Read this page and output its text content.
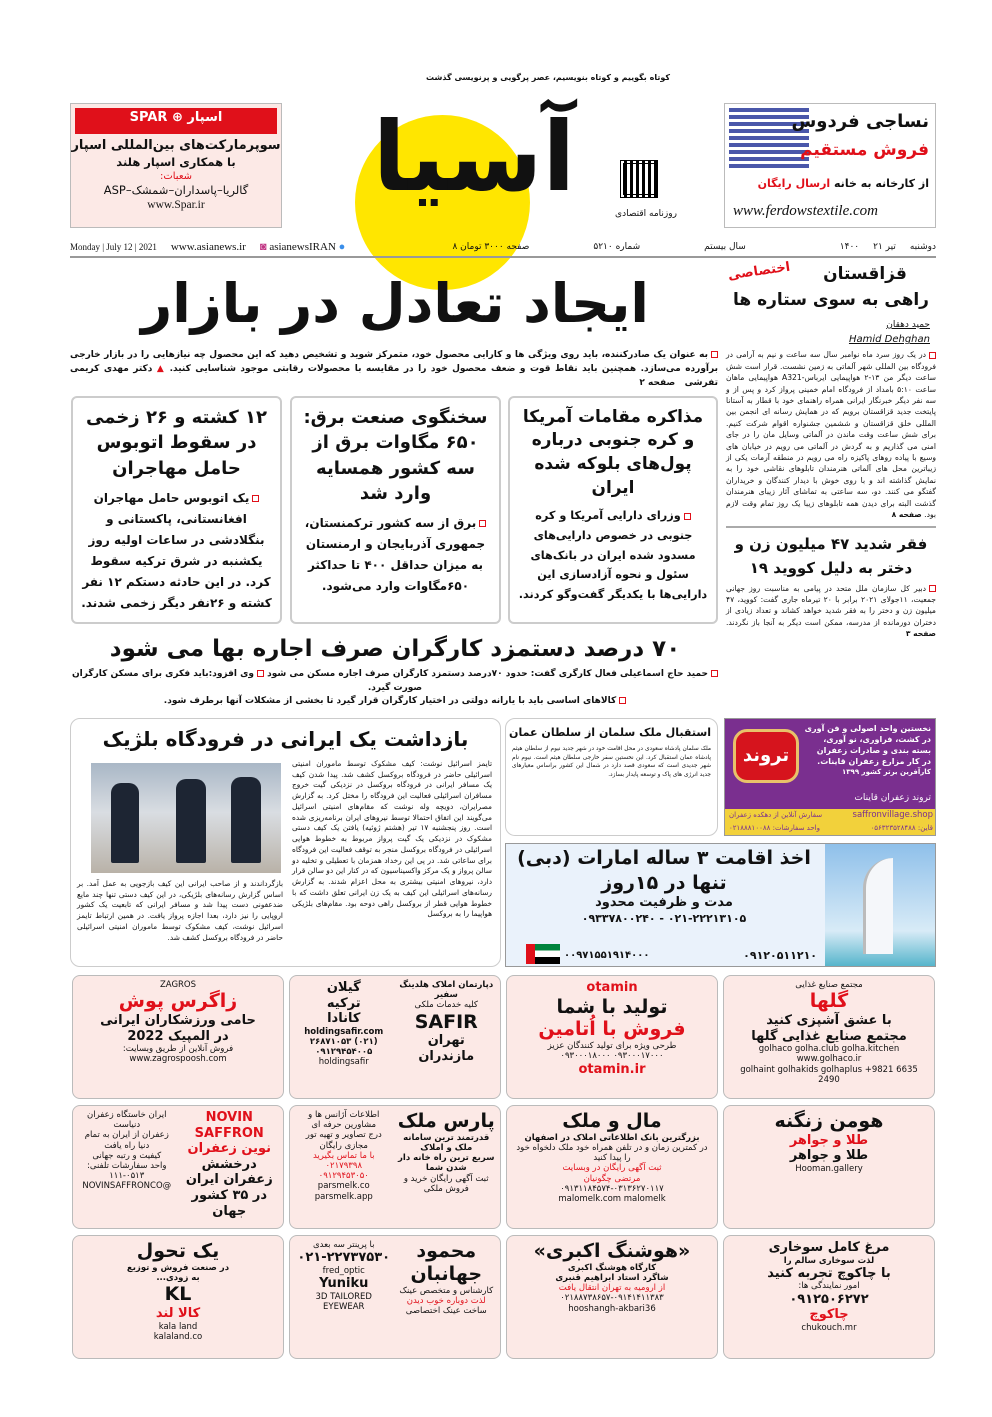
اسپار ⊕ SPAR
سوپرمارکت‌های بین‌المللی اسپار
با همکاری اسپار هلند
شعبات:
گالریا–پاسداران–شمشک–ASP
www.Spar.ir
کوتاه بگوییم و کوتاه بنویسیم، عصر پرگویی و پرنویسی گذشت
آسیا
روزنامه اقتصادی
نساجی فردوس
فروش مستقیم
از کارخانه به خانه ارسال رایگان
www.ferdowstextile.com
Monday | July 12 | 2021 www.asianews.ir ◙ asianewsIRAN ●	۸ صفحه ۳۰۰۰ تومان	شماره ۵۲۱۰	سال بیستم	۱۴۰۰ ۲۱ تیر دوشنبه
ایجاد تعادل در بازار
به عنوان یک صادرکننده، باید روی ویژگی ها و کارایی محصول خود، متمرکز شوید و تشخیص دهید که این محصول چه نیازهایی را در بازار خارجی برآورده می‌سازد. همچنین باید نقاط قوت و ضعف محصول خود را در مقایسه با محصولات رقابتی موجود شناسایی کنید. ▲ دکتر مهدی کریمی تفرشی   صفحه ۲
مذاکره مقامات آمریکا و کره جنوبی درباره پول‌های بلوکه شده ایران
وزرای دارایی آمریکا و کره جنوبی در خصوص دارایی‌های مسدود شده ایران در بانک‌های سئول و نحوه آزادسازی این دارایی‌ها با یکدیگر گفت‌وگو کردند.
سخنگوی صنعت برق: ۶۵۰ مگاوات برق از سه کشور همسایه وارد شد
برق از سه کشور ترکمنستان، جمهوری آذربایجان و ارمنستان به میزان حداقل ۴۰۰ تا حداکثر ۶۵۰مگاوات وارد می‌شود.
۱۲ کشته و ۲۶ زخمی در سقوط اتوبوس حامل مهاجران
یک اتوبوس حامل مهاجران افغانستانی، پاکستانی و بنگلادشی در ساعات اولیه روز یکشنبه در شرق ترکیه سقوط کرد. در این حادثه دستکم ۱۲ نفر کشته و ۲۶نفر دیگر زخمی شدند.
۷۰ درصد دستمزد کارگران صرف اجاره بها می شود
حمید حاج اسماعیلی فعال کارگری گفت: حدود ۷۰درصد دستمزد کارگران صرف اجاره مسکن می شود وی افزود:باید فکری برای مسکن کارگران صورت گیرد.
کالاهای اساسی باید با یارانه دولتی در اختیار کارگران قرار گیرد تا بخشی از مشکلات آنها برطرف شود.
اختصاصی	قزاقستان
راهی به سوی ستاره ها
حمید دهقان
Hamid Dehghan
در یک روز سرد ماه نوامبر سال سه ساعت و نیم به آرامی در فرودگاه بین المللی شهر آلماتی به زمین نشست. قرار است شش ساعت دیگر من ۱۳-۲ هواپیمایی ایرباس-A321 هواپیمایی ماهان ساعت ۵:۱۰ بامداد از فرودگاه امام خمینی پرواز کرد و پس از و سه نفر دیگر خبرنگار ایرانی همراه راهنمای خود با قطار به آستانا پایتخت جدید قزاقستان برویم که در همایش رسانه ای انجمن بین المللی خلق قزاقستان و ششمین جشنواره اقوام شرکت کنیم. برای شش ساعت وقت ماندن در آلماتی وسایل مان را در جای امنی می گذاریم و به گردش در آلماتی می رویم در خیابان های وسیع با پیاده روهای پاکیزه راه می رویم در منطقه آرمات یکی از زیباترین محل های آلماتی هنرمندان تابلوهای نقاشی خود را به نمایش گذاشته اند و با روی خوش با دیدار کنندگان و خریداران گفتگو می کنند. دو، سه ساعتی به تماشای آثار زیبای هنرمندان گذشت البته برای دیدن همه تابلوهای زیبا یک روز تمام وقت لازم بود. صفحه ۸
فقر شدید ۴۷ میلیون زن و دختر به دلیل کووید ۱۹
دبیر کل سازمان ملل متحد در پیامی به مناسبت روز جهانی جمعیت، ۱۱جولای ۲۰۲۱ برابر با ۲۰ تیرماه جاری گفت: کووید، ۴۷ میلیون زن و دختر را به فقر شدید خواهد کشاند و تعداد زیادی از دختران دورمانده از مدرسه، ممکن است دیگر به آنجا باز نگردند. صفحه ۳
بازداشت یک ایرانی در فرودگاه بلژیک
تایمز اسرائیل نوشت: کیف مشکوک توسط ماموران امنیتی اسرائیلی حاضر در فرودگاه بروکسل کشف شد. پیدا شدن کیف یک مسافر ایرانی در فرودگاه بروکسل در نزدیکی گیت خروج مسافران اسرائیلی فعالیت این فرودگاه را مختل کرد. به گزارش مصرایران، دویچه وله نوشت که مقام‌های امنیتی اسرائیل می‌گویند این اتفاق احتمالا توسط نیروهای ایران برنامه‌ریزی شده است. روز پنجشنبه ۱۷ تیر (هشتم ژوئیه) یافتن یک کیف دستی مشکوک در نزدیکی یک گیت پرواز مربوط به خطوط هوایی اسرائیلی در فرودگاه بروکسل منجر به توقف فعالیت این فرودگاه برای ساعاتی شد. در پی این رخداد همزمان با تعطیلی و تخلیه دو سالن پرواز و یک مرکز واکسیناسیون که در کنار این دو سالن قرار دارد، نیروهای امنیتی بیشتری به محل اعزام شدند. به گزارش رسانه‌های اسرائیلی این کیف به یک زن ایرانی تعلق داشت که با خطوط هوایی قطر از بروکسل راهی دوحه بود. مقام‌های بلژیکی هواپیما را به بروکسل
بازگرداندند و از صاحب ایرانی این کیف بازجویی به عمل آمد. بر اساس گزارش رسانه‌های بلژیکی، در این کیف دستی تنها چند مایع ضدعفونی دست پیدا شد و مسافر ایرانی که تابعیت یک کشور اروپایی را نیز دارد، بعدا اجازه پرواز یافت. در همین ارتباط تایمز اسرائیل نوشت، کیف مشکوک توسط ماموران امنیتی اسرائیلی حاضر در فرودگاه بروکسل کشف شد.
استقبال ملک سلمان از سلطان عمان
ملک سلمان پادشاه سعودی در محل اقامت خود در شهر جدید نیوم از سلطان هیثم پادشاه عمان استقبال کرد. این نخستین سفر خارجی سلطان هیثم است. نیوم نام شهر جدیدی است که سعودی قصد دارد در شمال این کشور براساس معیارهای جدید انرژی های پاک و توسعه پایدار بسازد.
نخستین واحد اصولی و فن آوری
در کشت، فراوری، نو آوری،
بسته بندی و صادرات زعفران
در کار مزارع زعفران قاینات.
کارآفرین برتر کشور ۱۳۹۹
تروند
تروند زعفران قاینات
سفارش آنلاین از دهکده زعفران
واحد سفارشات: ۰۲۱۸۸۸۱۰۰۸۸
saffronvillage.shop
قاین: ۰۵۶۳۲۳۵۲۸۴۸۸
اخذ اقامت ۳ ساله امارات (دبی)
تنها در ۱۵روز
مدت و ظرفیت محدود
۰۲۱-۲۲۲۱۳۱۰۵ - ۰۹۳۳۷۸۰۰۲۴۰
۰۹۱۲۰۵۱۱۲۱۰
۰۰۹۷۱۵۵۱۹۱۴۰۰۰
مجتمع صنایع غذایی
گلها
با عشق آشپزی کنید
مجتمع صنایع غذایی گلها
golhaco golha.club golha.kitchen www.golhaco.ir
golhaint golhakids golhaplus +9821 6635 2490
otamin
تولید با شما
فروش با اُتامین
طرحی ویژه برای تولید کنندگان عزیز
۰۹۳۰۰۰۱۷۰۰۰ ۰۹۳۰۰۰۱۸۰۰۰
otamin.ir
دپارتمان املاک هلدینگ سفیر
کلیه خدمات ملکی
SAFIR
تهران
مازندران
گیلان
ترکیه
کانادا
holdingsafir.com
(۰۲۱) ۲۶۸۷۱۰۵۳
۰۹۱۲۹۴۵۴۰۰۵
holdingsafir
ZAGROS
زاگرس پوش
حامی ورزشکاران ایرانی
در المپیک 2022
فروش آنلاین از طریق وبسایت: www.zagrospoosh.com
هومن زنگنه
طلا و جواهر
طلا و جواهر
Hooman.gallery
مال و ملک
بزرگترین بانک اطلاعاتی املاک در اصفهان
در کمترین زمان و در تلفن همراه خود ملک دلخواه خود را پیدا کنید
ثبت آگهی رایگان در وبسایت
مرتضی چگونیان
۰۹۱۳۱۱۸۴۵۷۴-۰۳۱۳۶۲۷۰۱۱۷
malomelk.com malomelk
پارس ملک
قدرتمند ترین سامانه ملک و املاک
سریع ترین راه خانه دار شدن شما
ثبت آگهی رایگان خرید و فروش ملکی
اطلاعات آژانس ها و مشاورین حرفه ای
درج تصاویر و تهیه تور مجازی رایگان
با ما تماس بگیرید
۰۲۱۷۹۳۹۸
۰۹۱۲۹۴۵۳۰۵۰
parsmelk.co
parsmelk.app
NOVIN SAFFRON
نوین زعفران
درخشش زعفران ایران
در ۳۵ کشور جهان
ایران خاستگاه زعفران دنیاست
زعفران از ایران به تمام دنیا راه یافت
کیفیت و رتبه جهانی
واحد سفارشات تلفنی: ۰۵۱۳-۱۱۱
@NOVINSAFFRONCO
مرغ کامل سوخاری
لذت سوخاری سالم را
با چاکوچ تجربه کنید
امور نمایندگی ها:
۰۹۱۲۵۰۶۲۷۲
چاکوچ
chukouch.mr
«هوشنگ اکبری»
کارگاه هوشنگ اکبری
شاگرد استاد ابراهیم قنبری
از ارومیه به تهران انتقال یافت
۰۲۱۸۸۷۳۸۶۵۷-۰۹۱۴۱۴۱۱۳۸۳
hooshangh-akbari36
محمود جهانبان
کارشناس و متخصص عینک
لذت دوباره خوب دیدن
ساخت عینک اختصاصی
با پرینتر سه بعدی
۰۲۱-۲۲۷۳۷۵۳۰
fred_optic
Yuniku
3D TAILORED EYEWEAR
یک تحول
در صنعت فروش و توزیع
به زودی...
KL
کالا لند
kala land
kalaland.co
